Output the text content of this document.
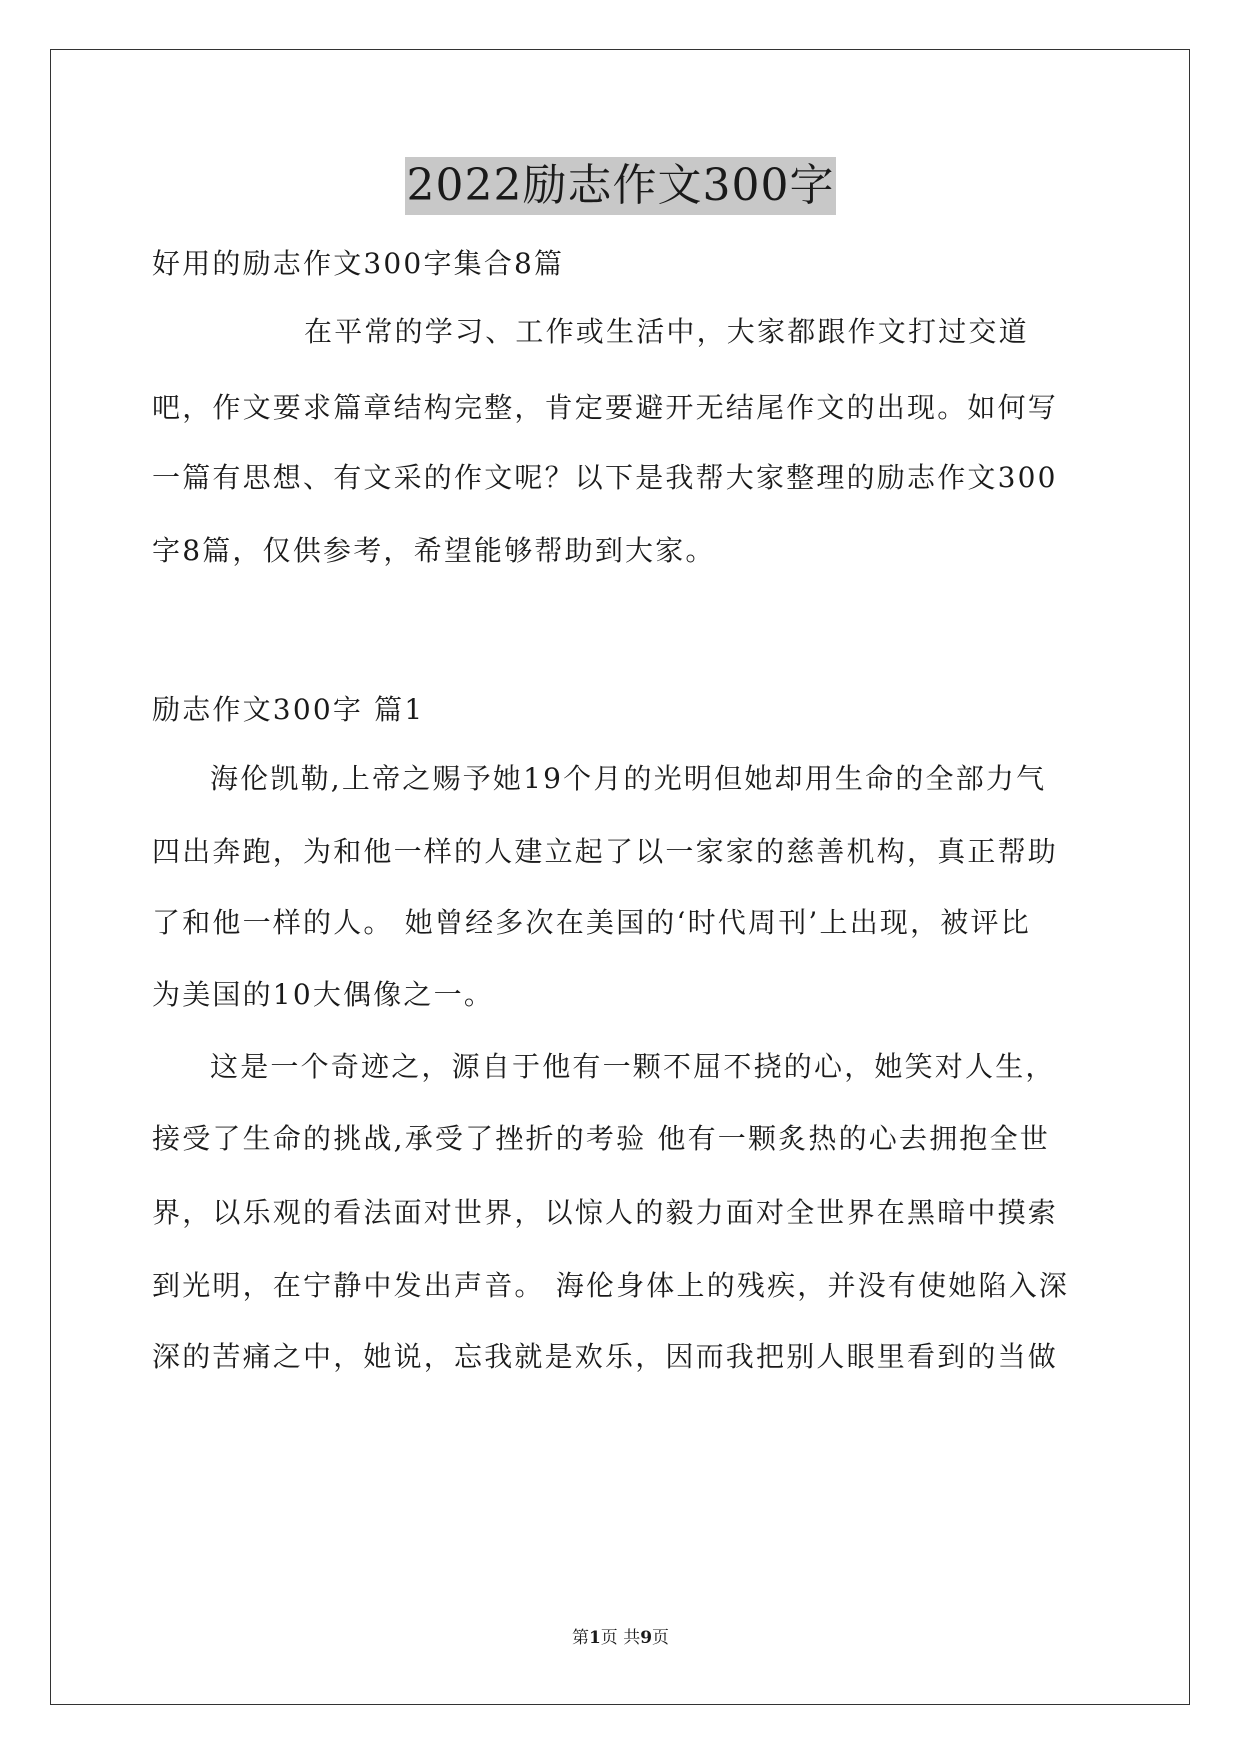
2022励志作文300字
好用的励志作文300字集合8篇
在平常的学习、工作或生活中，大家都跟作文打过交道
吧，作文要求篇章结构完整，肯定要避开无结尾作文的出现。如何写
一篇有思想、有文采的作文呢？以下是我帮大家整理的励志作文300
字8篇，仅供参考，希望能够帮助到大家。
励志作文300字 篇1
海伦凯勒,上帝之赐予她19个月的光明但她却用生命的全部力气
四出奔跑，为和他一样的人建立起了以一家家的慈善机构，真正帮助
了和他一样的人。 她曾经多次在美国的‘时代周刊’上出现，被评比
为美国的10大偶像之一。
这是一个奇迹之，源自于他有一颗不屈不挠的心，她笑对人生，
接受了生命的挑战,承受了挫折的考验 他有一颗炙热的心去拥抱全世
界，以乐观的看法面对世界，以惊人的毅力面对全世界在黑暗中摸索
到光明，在宁静中发出声音。 海伦身体上的残疾，并没有使她陷入深
深的苦痛之中，她说，忘我就是欢乐，因而我把别人眼里看到的当做
第1页 共9页
